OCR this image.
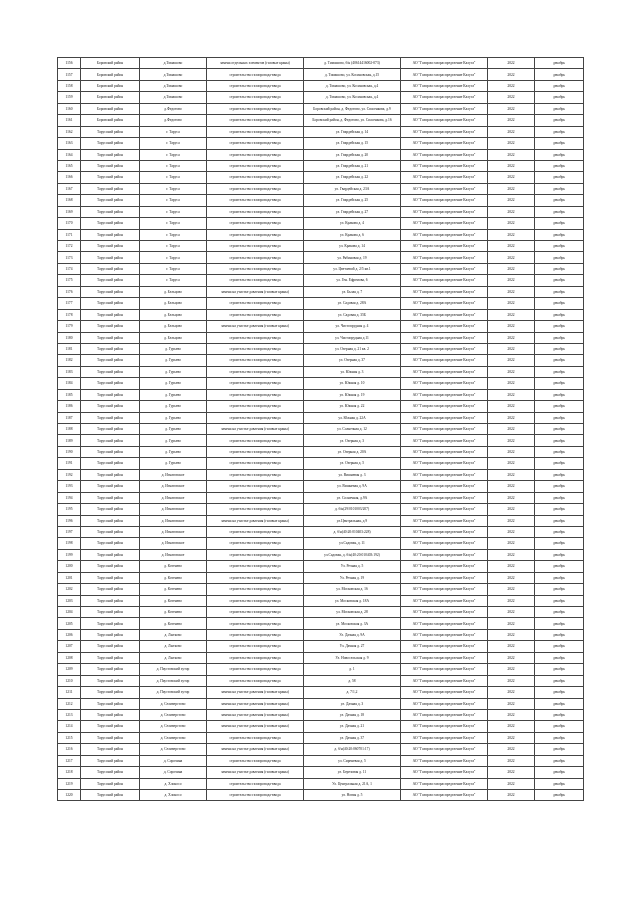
1156	Боровский район	д.Тимашово	замена отдельных элементов (газовые краны)	д. Тимашово, б/н (40614416002-073)	АО "Газпром газораспределение Калуга"	2022	декабрь
1157	Боровский район	д.Тимашово	строительство газопровода-ввода	д. Тимашово, ул. Косиновская, д.15	АО "Газпром газораспределение Калуга"	2022	декабрь
1158	Боровский район	д.Тимашово	строительство газопровода-ввода	д. Тимашово, ул. Косиновская, д.4	АО "Газпром газораспределение Калуга"	2022	декабрь
1159	Боровский район	д.Тимашово	строительство газопровода-ввода	д. Тимашово, ул. Косиновская, д.4	АО "Газпром газораспределение Калуга"	2022	декабрь
1160	Боровский район	д.Федотово	строительство газопровода-ввода	Боровский район, д. Федотово, ул. Спасенкова, д.9	АО "Газпром газораспределение Калуга"	2022	декабрь
1161	Боровский район	д.Федотово	строительство газопровода-ввода	Боровский район, д. Федотово, ул. Спасенкова, д.16	АО "Газпром газораспределение Калуга"	2022	декабрь
1162	Тарусский район	г. Таруса	строительство газопровода-ввода	ул. Гвардейская д. 14	АО "Газпром газораспределение Калуга"	2022	декабрь
1163	Тарусский район	г. Таруса	строительство газопровода-ввода	ул. Гвардейская д. 15	АО "Газпром газораспределение Калуга"	2022	декабрь
1164	Тарусский район	г. Таруса	строительство газопровода-ввода	ул. Гвардейская д. 20	АО "Газпром газораспределение Калуга"	2022	декабрь
1165	Тарусский район	г. Таруса	строительство газопровода-ввода	ул. Гвардейская д. 21	АО "Газпром газораспределение Калуга"	2022	декабрь
1166	Тарусский район	г. Таруса	строительство газопровода-ввода	ул. Гвардейская д. 22	АО "Газпром газораспределение Калуга"	2022	декабрь
1167	Тарусский район	г. Таруса	строительство газопровода-ввода	ул. Гвардейская д. 23А	АО "Газпром газораспределение Калуга"	2022	декабрь
1168	Тарусский район	г. Таруса	строительство газопровода-ввода	ул. Гвардейская д. 25	АО "Газпром газораспределение Калуга"	2022	декабрь
1169	Тарусский район	г. Таруса	строительство газопровода-ввода	ул. Гвардейская д. 27	АО "Газпром газораспределение Калуга"	2022	декабрь
1170	Тарусский район	г. Таруса	строительство газопровода-ввода	ул. Кракова д. 4	АО "Газпром газораспределение Калуга"	2022	декабрь
1171	Тарусский район	г. Таруса	строительство газопровода-ввода	ул. Кракова д. 6	АО "Газпром газораспределение Калуга"	2022	декабрь
1172	Тарусский район	г. Таруса	строительство газопровода-ввода	ул. Кракова д. 14	АО "Газпром газораспределение Калуга"	2022	декабрь
1173	Тарусский район	г. Таруса	строительство газопровода-ввода	ул. Рябиновая д. 19	АО "Газпром газораспределение Калуга"	2022	декабрь
1174	Тарусский район	г. Таруса	строительство газопровода-ввода	ул. Цветаевой д. 2/5 кв.1	АО "Газпром газораспределение Калуга"	2022	декабрь
1175	Тарусский район	г. Таруса	строительство газопровода-ввода	ул. Ген. Ефремова, 6	АО "Газпром газораспределение Калуга"	2022	декабрь
1176	Тарусский район	д. Бельцово	замена на участке давления (газовые краны)	ул. Бьлая д. 7	АО "Газпром газораспределение Калуга"	2022	декабрь
1177	Тарусский район	д. Бельцово	строительство газопровода-ввода	ул. Садовая д. 28А	АО "Газпром газораспределение Калуга"	2022	декабрь
1178	Тарусский район	д. Бельцово	строительство газопровода-ввода	ул. Садовая д. 35Б	АО "Газпром газораспределение Калуга"	2022	декабрь
1179	Тарусский район	д. Бельцово	замена на участке давления (газовые краны)	ул. Чистопрудная д. 4	АО "Газпром газораспределение Калуга"	2022	декабрь
1180	Тарусский район	д. Бельцово	строительство газопровода-ввода	ул. Чистопрудная д.11	АО "Газпром газораспределение Калуга"	2022	декабрь
1181	Тарусский район	д. Гурьево	строительство газопровода-ввода	ул. Озерная д. 21 кв. 2	АО "Газпром газораспределение Калуга"	2022	декабрь
1182	Тарусский район	д. Гурьево	строительство газопровода-ввода	ул. Озерная д. 37	АО "Газпром газораспределение Калуга"	2022	декабрь
1183	Тарусский район	д. Гурьево	строительство газопровода-ввода	ул. Южная д. 3	АО "Газпром газораспределение Калуга"	2022	декабрь
1184	Тарусский район	д. Гурьево	строительство газопровода-ввода	ул. Южная д. 10	АО "Газпром газораспределение Калуга"	2022	декабрь
1185	Тарусский район	д. Гурьево	строительство газопровода-ввода	ул. Южная д. 19	АО "Газпром газораспределение Калуга"	2022	декабрь
1186	Тарусский район	д. Гурьево	строительство газопровода-ввода	ул. Южная д. 22	АО "Газпром газораспределение Калуга"	2022	декабрь
1187	Тарусский район	д. Гурьево	строительство газопровода-ввода	ул. Южная д. 22А	АО "Газпром газораспределение Калуга"	2022	декабрь
1188	Тарусский район	д. Гурьево	замена на участке давления (газовые краны)	ул. Солнечная д. 12	АО "Газпром газораспределение Калуга"	2022	декабрь
1189	Тарусский район	д. Гурьево	строительство газопровода-ввода	ул. Озерная д. 3	АО "Газпром газораспределение Калуга"	2022	декабрь
1190	Тарусский район	д. Гурьево	строительство газопровода-ввода	ул. Озерная д. 20А	АО "Газпром газораспределение Калуга"	2022	декабрь
1191	Тарусский район	д. Гурьево	строительство газопровода-ввода	ул. Озерная д. 5	АО "Газпром газораспределение Калуга"	2022	декабрь
1192	Тарусский район	д. Игнатовское	строительство газопровода-ввода	ул. Вишневая д. 3	АО "Газпром газораспределение Калуга"	2022	декабрь
1193	Тарусский район	д. Игнатовское	строительство газопровода-ввода	ул. Вишневая д. 9А	АО "Газпром газораспределение Калуга"	2022	декабрь
1194	Тарусский район	д. Игнатовское	строительство газопровода-ввода	ул. Солнечная, д.9А	АО "Газпром газораспределение Калуга"	2022	декабрь
1195	Тарусский район	д. Игнатовское	строительство газопровода-ввода	д. б/н(29/0101003/207)	АО "Газпром газораспределение Калуга"	2022	декабрь
1196	Тарусский район	д. Игнатовское	замена на участке давления (газовые краны)	ул.Центральная, д.9	АО "Газпром газораспределение Калуга"	2022	декабрь
1197	Тарусский район	д. Игнатовское	строительство газопровода-ввода	д. б/н(40:20:010403:228)	АО "Газпром газораспределение Калуга"	2022	декабрь
1198	Тарусский район	д. Игнатовское	строительство газопровода-ввода	ул.Садовая, д. 11	АО "Газпром газораспределение Калуга"	2022	декабрь
1199	Тарусский район	д. Игнатовское	строительство газопровода-ввода	ул.Садовая, д. б/н(40:20:010403:192)	АО "Газпром газораспределение Калуга"	2022	декабрь
1200	Тарусский район	д. Котенево	строительство газопровода-ввода	Ул. Речная д. 5	АО "Газпром газораспределение Калуга"	2022	декабрь
1201	Тарусский район	д. Котенево	строительство газопровода-ввода	Ул. Речная д. 19	АО "Газпром газораспределение Калуга"	2022	декабрь
1202	Тарусский район	д. Котенево	строительство газопровода-ввода	ул. Московская д. 16	АО "Газпром газораспределение Калуга"	2022	декабрь
1203	Тарусский район	д. Котенево	строительство газопровода-ввода	ул. Московская д. 18А	АО "Газпром газораспределение Калуга"	2022	декабрь
1204	Тарусский район	д. Котенево	строительство газопровода-ввода	ул. Московская д. 28	АО "Газпром газораспределение Калуга"	2022	декабрь
1205	Тарусский район	д. Котенево	строительство газопровода-ввода	ул. Московская д. 3А	АО "Газпром газораспределение Калуга"	2022	декабрь
1206	Тарусский район	д. Лытково	строительство газопровода-ввода	Ул. Дачная д. 9А	АО "Газпром газораспределение Калуга"	2022	декабрь
1207	Тарусский район	д. Лытково	строительство газопровода-ввода	Ул. Дачная д. 27	АО "Газпром газораспределение Калуга"	2022	декабрь
1208	Тарусский район	д. Лытково	строительство газопровода-ввода	Ул. Новосельская д. 9	АО "Газпром газораспределение Калуга"	2022	декабрь
1209	Тарусский район	д. Паустовский хутор	строительство газопровода-ввода	д. 1	АО "Газпром газораспределение Калуга"	2022	декабрь
1210	Тарусский район	д. Паустовский хутор	строительство газопровода-ввода	д. 58	АО "Газпром газораспределение Калуга"	2022	декабрь
1211	Тарусский район	д. Паустовский хутор	замена на участке давления (газовые краны)	д. 7/1,2	АО "Газпром газораспределение Калуга"	2022	декабрь
1212	Тарусский район	д. Селиверстово	замена на участке давления (газовые краны)	ул. Дачная д. 3	АО "Газпром газораспределение Калуга"	2022	декабрь
1213	Тарусский район	д. Селиверстово	замена на участке давления (газовые краны)	ул. Дачная д. 18	АО "Газпром газораспределение Калуга"	2022	декабрь
1214	Тарусский район	д. Селиверстово	замена на участке давления (газовые краны)	ул. Дачная д. 21	АО "Газпром газораспределение Калуга"	2022	декабрь
1215	Тарусский район	д. Селиверстово	строительство газопровода-ввода	ул. Дачная д. 37	АО "Газпром газораспределение Калуга"	2022	декабрь
1216	Тарусский район	д. Селиверстово	замена на участке давления (газовые краны)	д. б/н(40:20:060701:17)	АО "Газпром газораспределение Калуга"	2022	декабрь
1217	Тарусский район	д. Сорочина	строительство газопровода-ввода	ул. Сиреневая д. 5	АО "Газпром газораспределение Калуга"	2022	декабрь
1218	Тарусский район	д. Сорочина	замена на участке давления (газовые краны)	ул. Березовая д. 11	АО "Газпром газораспределение Калуга"	2022	декабрь
1219	Тарусский район	д. Хлоносо	строительство газопровода-ввода	Ул. Центральная д. 21А, 1	АО "Газпром газораспределение Калуга"	2022	декабрь
1220	Тарусский район	д. Хлоносо	строительство газопровода-ввода	ул. Новая д. 5	АО "Газпром газораспределение Калуга"	2022	декабрь
